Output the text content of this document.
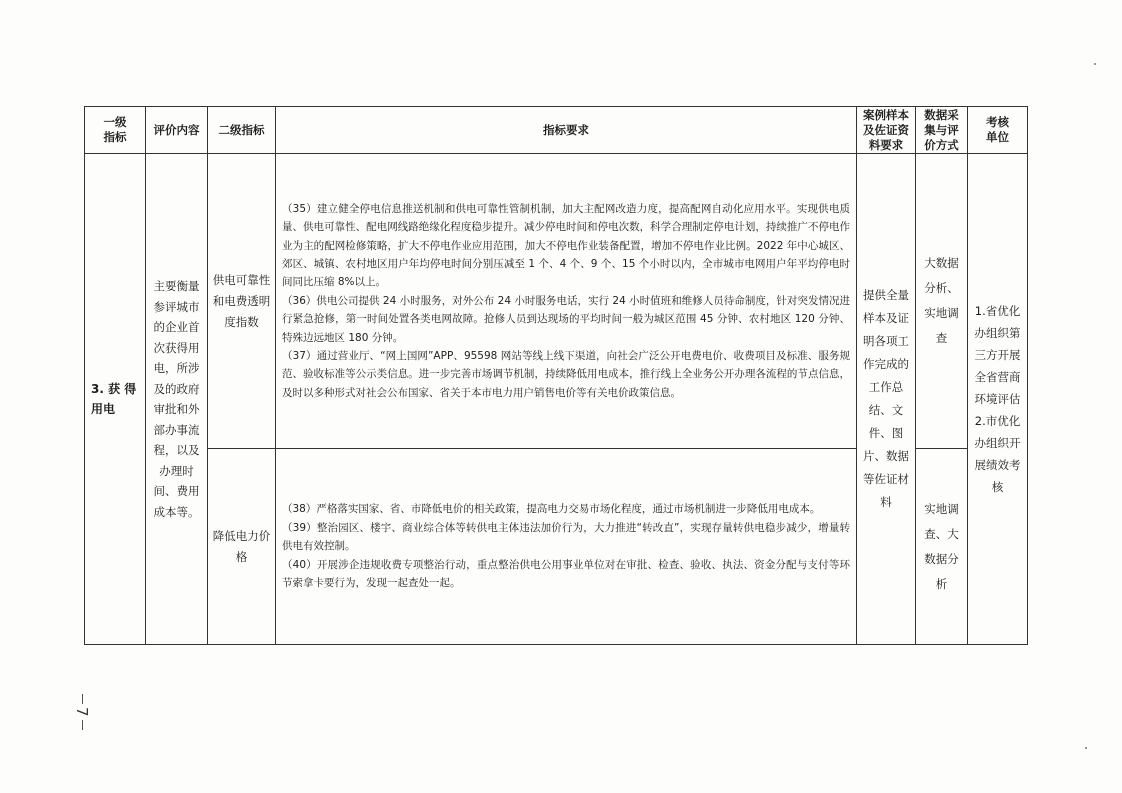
一级指标	评价内容	二级指标	指标要求	案例样本及佐证资料要求	数据采集与评价方式	考核单位
3. 获 得用电	主要衡量参评城市的企业首次获得用电，所涉及的政府审批和外部办事流程，以及办理时间、费用成本等。	供电可靠性和电费透明度指数	（35）建立健全停电信息推送机制和供电可靠性管制机制，加大主配网改造力度，提高配网自动化应用水平。实现供电质量、供电可靠性、配电网线路绝缘化程度稳步提升。减少停电时间和停电次数，科学合理制定停电计划，持续推广不停电作业为主的配网检修策略，扩大不停电作业应用范围，加大不停电作业装备配置，增加不停电作业比例。2022 年中心城区、郊区、城镇、农村地区用户年均停电时间分别压减至 1 个、4 个、9 个、15 个小时以内，全市城市电网用户年平均停电时间同比压缩 8%以上。

（36）供电公司提供 24 小时服务，对外公布 24 小时服务电话，实行 24 小时值班和维修人员待命制度，针对突发情况进行紧急抢修，第一时间处置各类电网故障。抢修人员到达现场的平均时间一般为城区范围 45 分钟、农村地区 120 分钟、特殊边远地区 180 分钟。

（37）通过营业厅、“网上国网”APP、95598 网站等线上线下渠道，向社会广泛公开电费电价、收费项目及标准、服务规范、验收标准等公示类信息。进一步完善市场调节机制，持续降低用电成本，推行线上全业务公开办理各流程的节点信息，及时以多种形式对社会公布国家、省关于本市电力用户销售电价等有关电价政策信息。	提供全量样本及证明各项工作完成的工作总结、文件、图片、数据等佐证材料	大数据分析、实地调查	1.省优化办组织第三方开展全省营商环境评估 2.市优化办组织开展绩效考核
		降低电力价格	（38）严格落实国家、省、市降低电价的相关政策，提高电力交易市场化程度，通过市场机制进一步降低用电成本。

（39）整治园区、楼宇、商业综合体等转供电主体违法加价行为，大力推进“转改直”，实现存量转供电稳步减少，增量转供电有效控制。

（40）开展涉企违规收费专项整治行动，重点整治供电公用事业单位对在审批、检查、验收、执法、资金分配与支付等环节索拿卡要行为，发现一起查处一起。		实地调查、大数据分析	
7
